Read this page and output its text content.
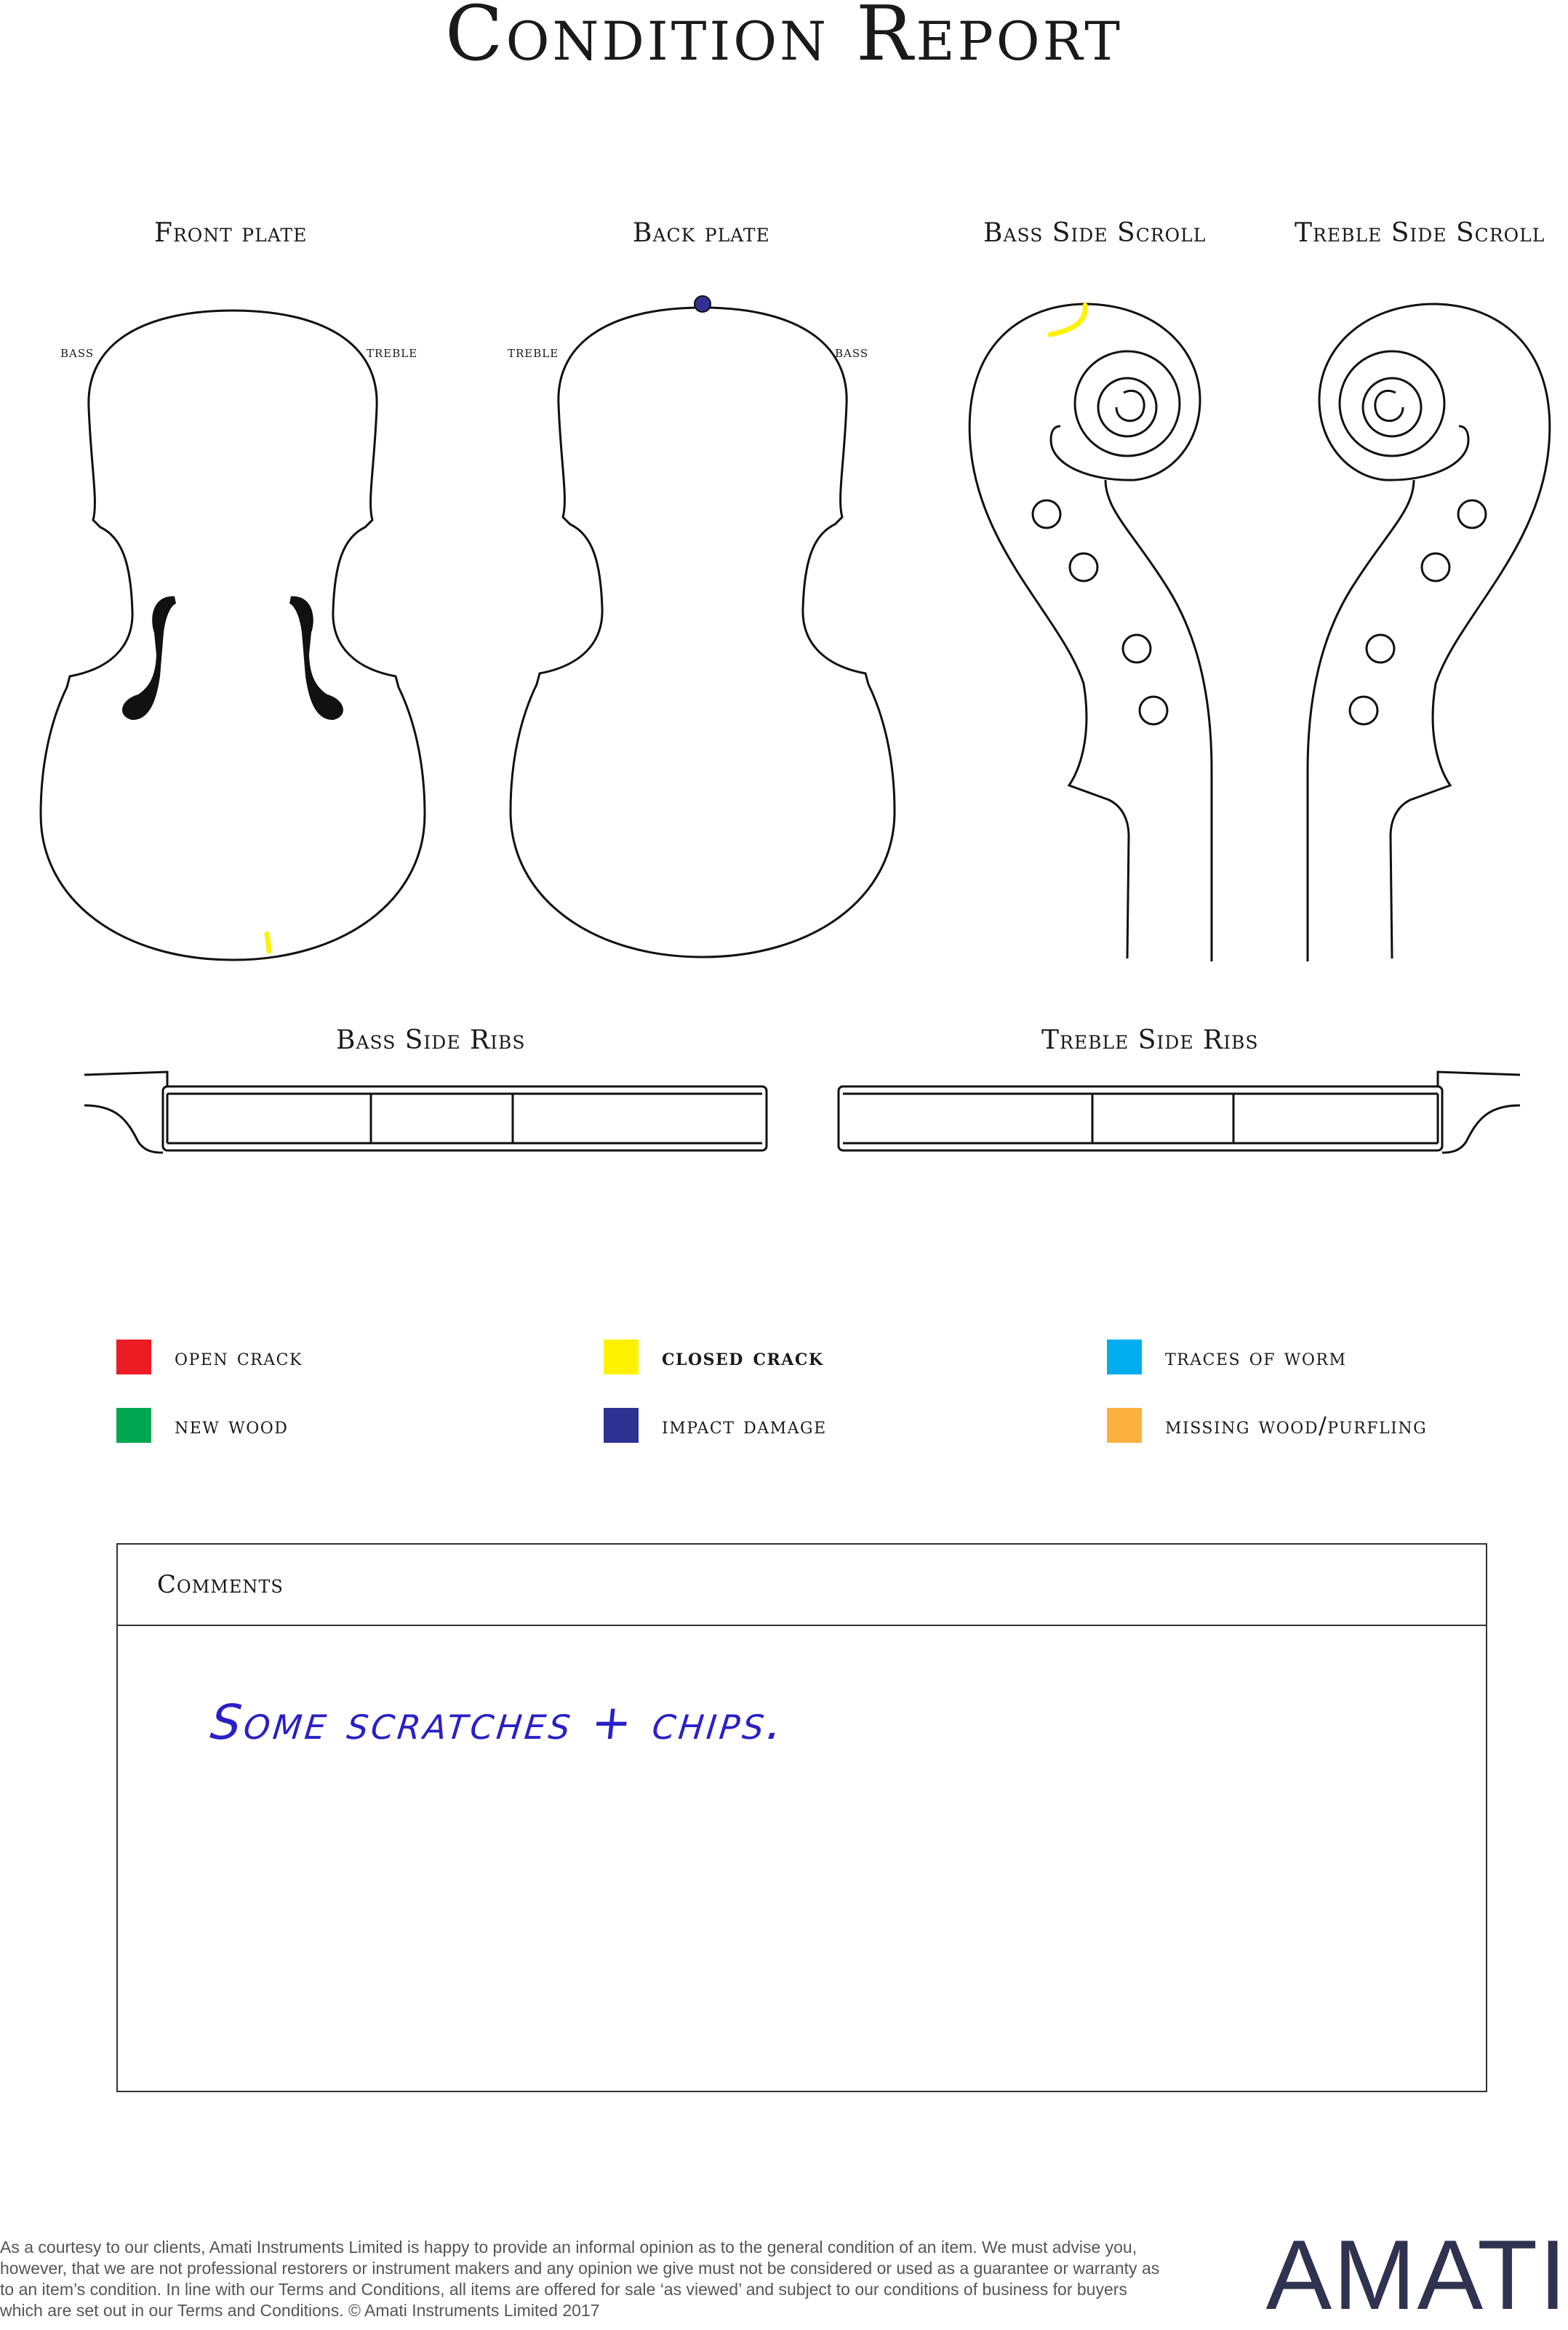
Condition Report
Front plate	Back plate	Bass Side Scroll	Treble Side Scroll
bass	treble	treble	bass
Bass Side Ribs	Treble Side Ribs
open crack	closed crack	traces of worm
new wood	impact damage	missing wood/purfling
Comments
Some scratches + chips.
As a courtesy to our clients, Amati Instruments Limited is happy to provide an informal opinion as to the general condition of an item. We must advise you, however, that we are not professional restorers or instrument makers and any opinion we give must not be considered or used as a guarantee or warranty as to an item’s condition. In line with our Terms and Conditions, all items are offered for sale ‘as viewed’ and subject to our conditions of business for buyers which are set out in our Terms and Conditions. © Amati Instruments Limited 2017	AMATI
